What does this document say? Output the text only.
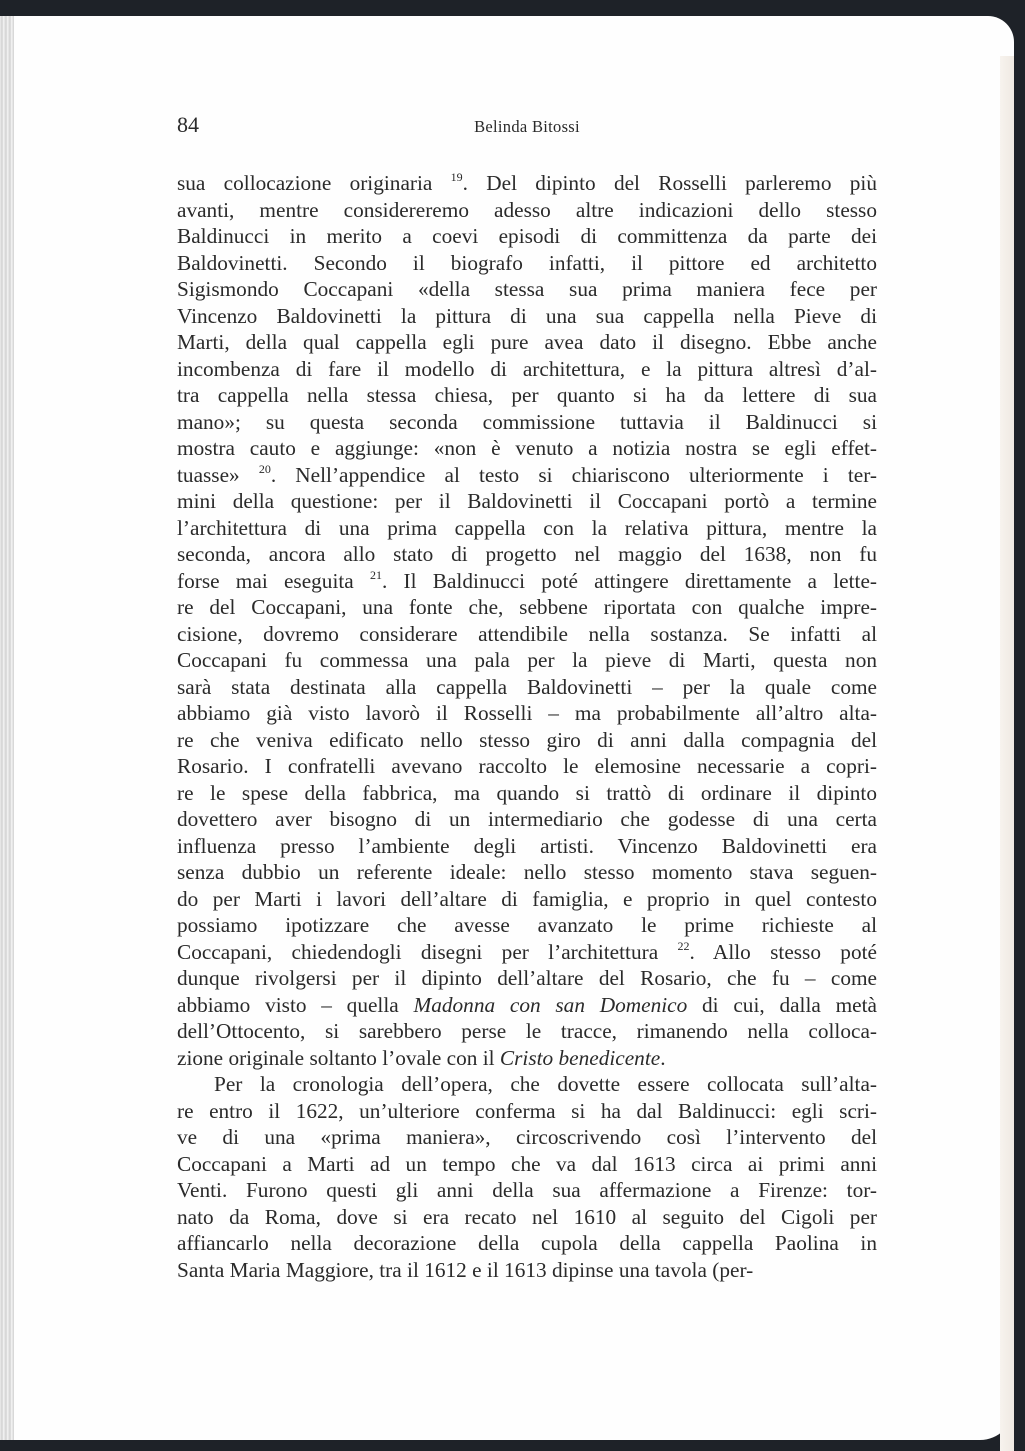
84	Belinda Bitossi
sua collocazione originaria $^{19}$. Del dipinto del Rosselli parleremo più
avanti, mentre considereremo adesso altre indicazioni dello stesso
Baldinucci in merito a coevi episodi di committenza da parte dei
Baldovinetti. Secondo il biografo infatti, il pittore ed architetto
Sigismondo Coccapani «della stessa sua prima maniera fece per
Vincenzo Baldovinetti la pittura di una sua cappella nella Pieve di
Marti, della qual cappella egli pure avea dato il disegno. Ebbe anche
incombenza di fare il modello di architettura, e la pittura altresì d’al-
tra cappella nella stessa chiesa, per quanto si ha da lettere di sua
mano»; su questa seconda commissione tuttavia il Baldinucci si
mostra cauto e aggiunge: «non è venuto a notizia nostra se egli effet-
tuasse» $^{20}$. Nell’appendice al testo si chiariscono ulteriormente i ter-
mini della questione: per il Baldovinetti il Coccapani portò a termine
l’architettura di una prima cappella con la relativa pittura, mentre la
seconda, ancora allo stato di progetto nel maggio del 1638, non fu
forse mai eseguita $^{21}$. Il Baldinucci poté attingere direttamente a lette-
re del Coccapani, una fonte che, sebbene riportata con qualche impre-
cisione, dovremo considerare attendibile nella sostanza. Se infatti al
Coccapani fu commessa una pala per la pieve di Marti, questa non
sarà stata destinata alla cappella Baldovinetti – per la quale come
abbiamo già visto lavorò il Rosselli – ma probabilmente all’altro alta-
re che veniva edificato nello stesso giro di anni dalla compagnia del
Rosario. I confratelli avevano raccolto le elemosine necessarie a copri-
re le spese della fabbrica, ma quando si trattò di ordinare il dipinto
dovettero aver bisogno di un intermediario che godesse di una certa
influenza presso l’ambiente degli artisti. Vincenzo Baldovinetti era
senza dubbio un referente ideale: nello stesso momento stava seguen-
do per Marti i lavori dell’altare di famiglia, e proprio in quel contesto
possiamo ipotizzare che avesse avanzato le prime richieste al
Coccapani, chiedendogli disegni per l’architettura $^{22}$. Allo stesso poté
dunque rivolgersi per il dipinto dell’altare del Rosario, che fu – come
abbiamo visto – quella Madonna con san Domenico di cui, dalla metà
dell’Ottocento, si sarebbero perse le tracce, rimanendo nella colloca-
zione originale soltanto l’ovale con il Cristo benedicente.
Per la cronologia dell’opera, che dovette essere collocata sull’alta-
re entro il 1622, un’ulteriore conferma si ha dal Baldinucci: egli scri-
ve di una «prima maniera», circoscrivendo così l’intervento del
Coccapani a Marti ad un tempo che va dal 1613 circa ai primi anni
Venti. Furono questi gli anni della sua affermazione a Firenze: tor-
nato da Roma, dove si era recato nel 1610 al seguito del Cigoli per
affiancarlo nella decorazione della cupola della cappella Paolina in
Santa Maria Maggiore, tra il 1612 e il 1613 dipinse una tavola (per-
